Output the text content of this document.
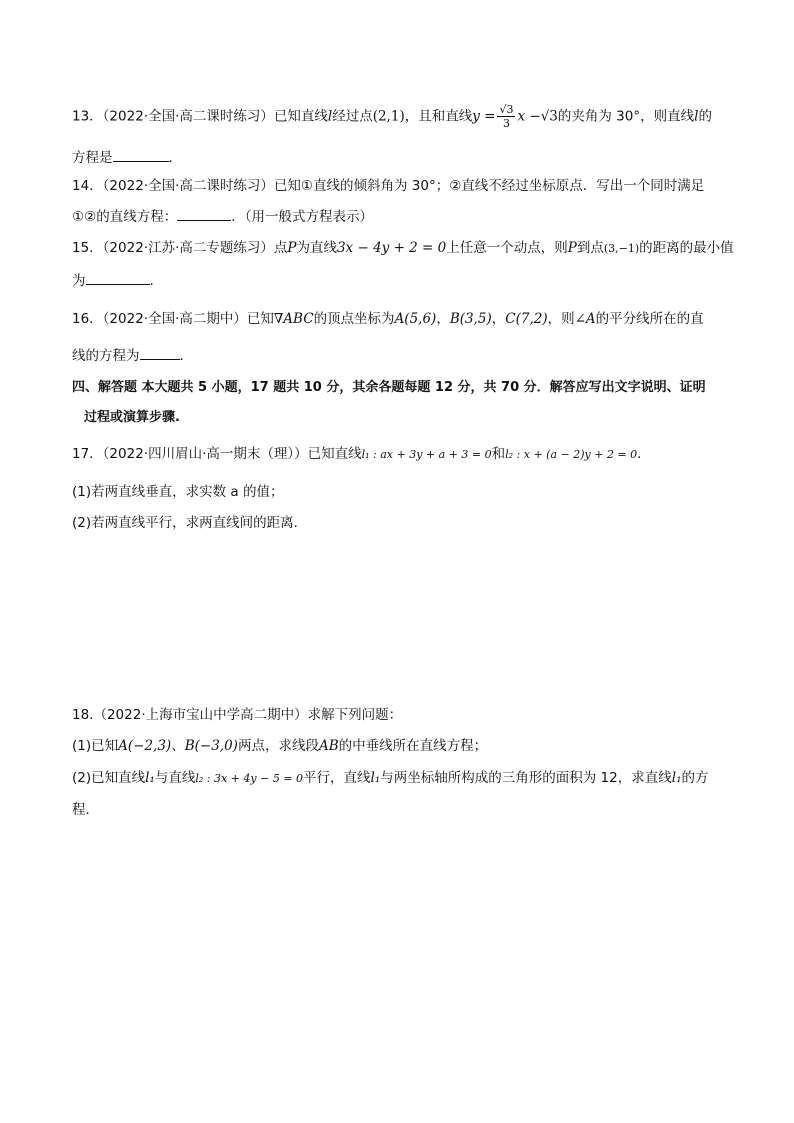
13．（2022·全国·高二课时练习）已知直线l经过点(2,1)，且和直线$y = \frac{√3}{3}$ x −√3的夹角为 30°，则直线l的
方程是	．
14．（2022·全国·高二课时练习）已知①直线的倾斜角为 30°；②直线不经过坐标原点．写出一个同时满足
①②的直线方程：	．（用一般式方程表示）
15．（2022·江苏·高二专题练习）点P为直线3x − 4y + 2 = 0上任意一个动点，则P到点(3,−1)的距离的最小值
为	.
16．（2022·全国·高二期中）已知∇ABC的顶点坐标为A(5,6)，B(3,5)，C(7,2)，则∠A的平分线所在的直
线的方程为	．
四、解答题 本大题共 5 小题，17 题共 10 分，其余各题每题 12 分，共 70 分．解答应写出文字说明、证明
过程或演算步骤.
17．（2022·四川眉山·高一期末（理））已知直线l₁ : ax + 3y + a + 3 = 0和l₂ : x + (a − 2)y + 2 = 0．
(1)若两直线垂直，求实数 a 的值；
(2)若两直线平行，求两直线间的距离．
18.（2022·上海市宝山中学高二期中）求解下列问题：
(1)已知A(−2,3)、B(−3,0)两点，求线段AB的中垂线所在直线方程；
(2)已知直线l₁与直线l₂ : 3x + 4y − 5 = 0平行，直线l₁与两坐标轴所构成的三角形的面积为 12，求直线l₁的方
程．
